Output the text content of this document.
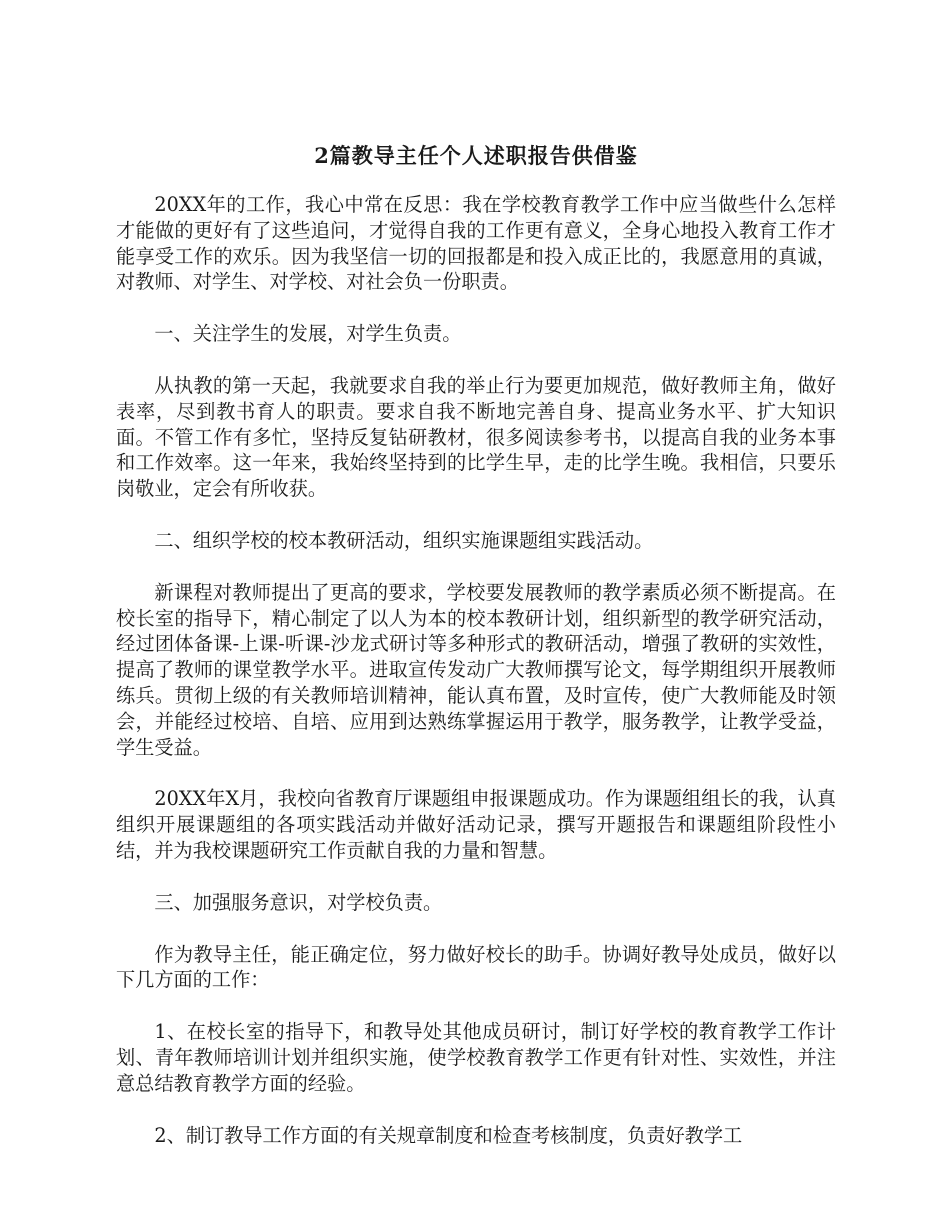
2篇教导主任个人述职报告供借鉴

20XX年的工作，我心中常在反思：我在学校教育教学工作中应当做些什么怎样才能做的更好有了这些追问，才觉得自我的工作更有意义，全身心地投入教育工作才能享受工作的欢乐。因为我坚信一切的回报都是和投入成正比的，我愿意用的真诚，对教师、对学生、对学校、对社会负一份职责。

一、关注学生的发展，对学生负责。

从执教的第一天起，我就要求自我的举止行为要更加规范，做好教师主角，做好表率，尽到教书育人的职责。要求自我不断地完善自身、提高业务水平、扩大知识面。不管工作有多忙，坚持反复钻研教材，很多阅读参考书，以提高自我的业务本事和工作效率。这一年来，我始终坚持到的比学生早，走的比学生晚。我相信，只要乐岗敬业，定会有所收获。

二、组织学校的校本教研活动，组织实施课题组实践活动。

新课程对教师提出了更高的要求，学校要发展教师的教学素质必须不断提高。在校长室的指导下，精心制定了以人为本的校本教研计划，组织新型的教学研究活动，经过团体备课-上课-听课-沙龙式研讨等多种形式的教研活动，增强了教研的实效性，提高了教师的课堂教学水平。进取宣传发动广大教师撰写论文，每学期组织开展教师练兵。贯彻上级的有关教师培训精神，能认真布置，及时宣传，使广大教师能及时领会，并能经过校培、自培、应用到达熟练掌握运用于教学，服务教学，让教学受益，学生受益。

20XX年X月，我校向省教育厅课题组申报课题成功。作为课题组组长的我，认真组织开展课题组的各项实践活动并做好活动记录，撰写开题报告和课题组阶段性小结，并为我校课题研究工作贡献自我的力量和智慧。

三、加强服务意识，对学校负责。

作为教导主任，能正确定位，努力做好校长的助手。协调好教导处成员，做好以下几方面的工作：

1、在校长室的指导下，和教导处其他成员研讨，制订好学校的教育教学工作计划、青年教师培训计划并组织实施，使学校教育教学工作更有针对性、实效性，并注意总结教育教学方面的经验。

2、制订教导工作方面的有关规章制度和检查考核制度，负责好教学工
